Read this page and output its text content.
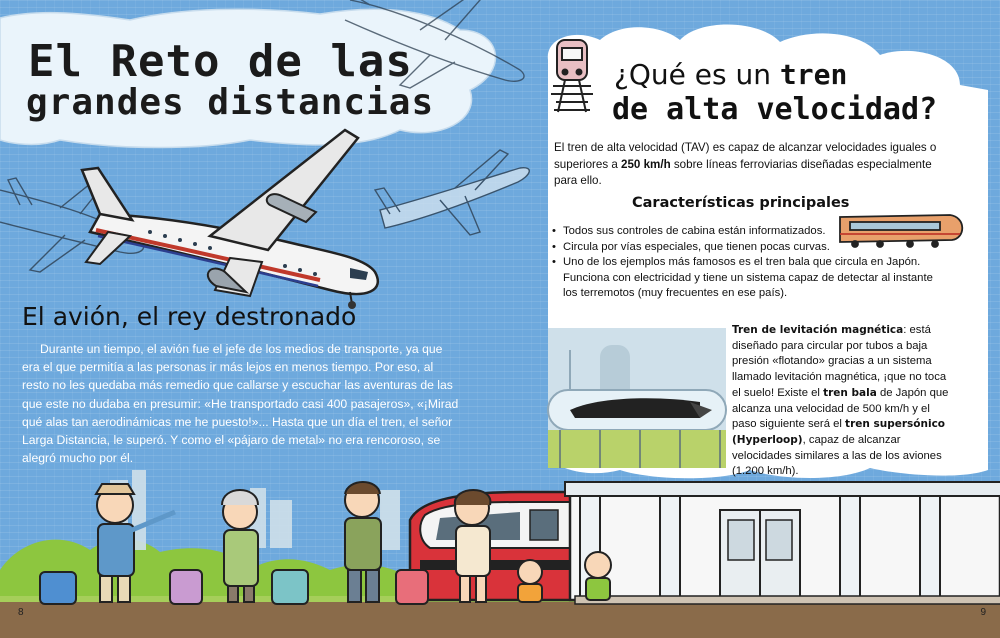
El Reto de las
grandes distancias
El avión, el rey destronado
Durante un tiempo, el avión fue el jefe de los medios de transporte, ya que era el que permitía a las personas ir más lejos en menos tiempo. Por eso, al resto no les quedaba más remedio que callarse y escuchar las aventuras de las que este no dudaba en presumir: «He transportado casi 400 pasajeros», «¡Mirad qué alas tan aerodinámicas me he puesto!»... Hasta que un día el tren, el señor Larga Distancia, le superó. Y como el «pájaro de metal» no era rencoroso, se alegró mucho por él.
¿Qué es un tren
de alta velocidad?
El tren de alta velocidad (TAV) es capaz de alcanzar velocidades iguales o superiores a 250 km/h sobre líneas ferroviarias diseñadas especialmente para ello.
Características principales
• Todos sus controles de cabina están informatizados.
• Circula por vías especiales, que tienen pocas curvas.
• Uno de los ejemplos más famosos es el tren bala que circula en Japón. Funciona con electricidad y tiene un sistema capaz de detectar al instante los terremotos (muy frecuentes en ese país).
Tren de levitación magnética: está diseñado para circular por tubos a baja presión «flotando» gracias a un sistema llamado levitación magnética, ¡que no toca el suelo! Existe el tren bala de Japón que alcanza una velocidad de 500 km/h y el paso siguiente será el tren supersónico (Hyperloop), capaz de alcanzar velocidades similares a las de los aviones (1.200 km/h).
8	9
